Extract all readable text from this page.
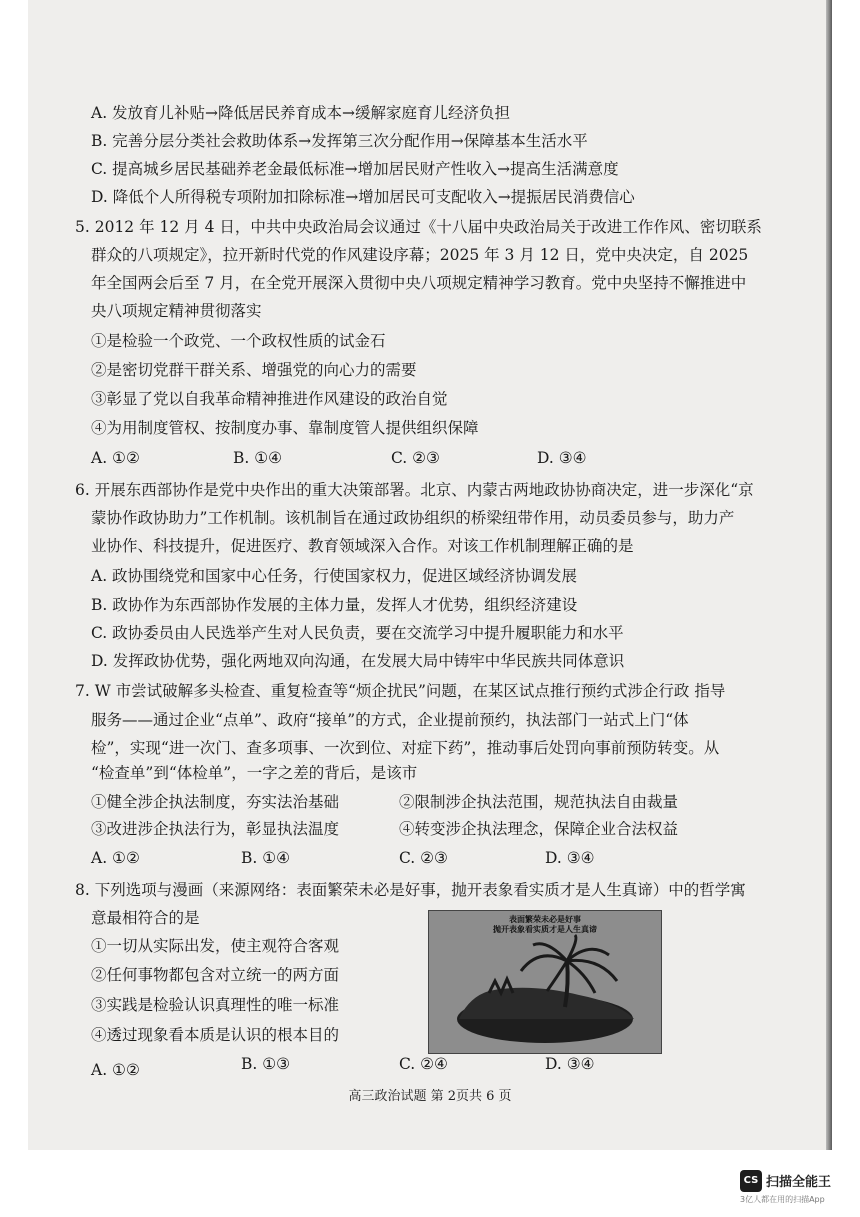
A. 发放育儿补贴→降低居民养育成本→缓解家庭育儿经济负担
B. 完善分层分类社会救助体系→发挥第三次分配作用→保障基本生活水平
C. 提高城乡居民基础养老金最低标准→增加居民财产性收入→提高生活满意度
D. 降低个人所得税专项附加扣除标准→增加居民可支配收入→提振居民消费信心
5. 2012 年 12 月 4 日，中共中央政治局会议通过《十八届中央政治局关于改进工作作风、密切联系
群众的八项规定》，拉开新时代党的作风建设序幕；2025 年 3 月 12 日，党中央决定，自 2025
年全国两会后至 7 月，在全党开展深入贯彻中央八项规定精神学习教育。党中央坚持不懈推进中
央八项规定精神贯彻落实
①是检验一个政党、一个政权性质的试金石
②是密切党群干群关系、增强党的向心力的需要
③彰显了党以自我革命精神推进作风建设的政治自觉
④为用制度管权、按制度办事、靠制度管人提供组织保障
A. ①②	B. ①④	C. ②③	D. ③④
6. 开展东西部协作是党中央作出的重大决策部署。北京、内蒙古两地政协协商决定，进一步深化“京
蒙协作政协助力”工作机制。该机制旨在通过政协组织的桥梁纽带作用，动员委员参与，助力产
业协作、科技提升，促进医疗、教育领域深入合作。对该工作机制理解正确的是
A. 政协围绕党和国家中心任务，行使国家权力，促进区域经济协调发展
B. 政协作为东西部协作发展的主体力量，发挥人才优势，组织经济建设
C. 政协委员由人民选举产生对人民负责，要在交流学习中提升履职能力和水平
D. 发挥政协优势，强化两地双向沟通，在发展大局中铸牢中华民族共同体意识
7. W 市尝试破解多头检查、重复检查等“烦企扰民”问题，在某区试点推行预约式涉企行政 指导
服务——通过企业“点单”、政府“接单”的方式，企业提前预约，执法部门一站式上门“体
检”，实现“进一次门、查多项事、一次到位、对症下药”，推动事后处罚向事前预防转变。从
“检查单”到“体检单”，一字之差的背后，是该市
①健全涉企执法制度，夯实法治基础	②限制涉企执法范围，规范执法自由裁量
③改进涉企执法行为，彰显执法温度	④转变涉企执法理念，保障企业合法权益
A. ①②	B. ①④	C. ②③	D. ③④
8. 下列选项与漫画（来源网络：表面繁荣未必是好事，抛开表象看实质才是人生真谛）中的哲学寓
意最相符合的是
①一切从实际出发，使主观符合客观
②任何事物都包含对立统一的两方面
③实践是检验认识真理性的唯一标准
④透过现象看本质是认识的根本目的
表面繁荣未必是好事
抛开表象看实质才是人生真谛
A. ①②	B. ①③	C. ②④	D. ③④
高三政治试题 第 2页共 6 页
CS 扫描全能王
3亿人都在用的扫描App
